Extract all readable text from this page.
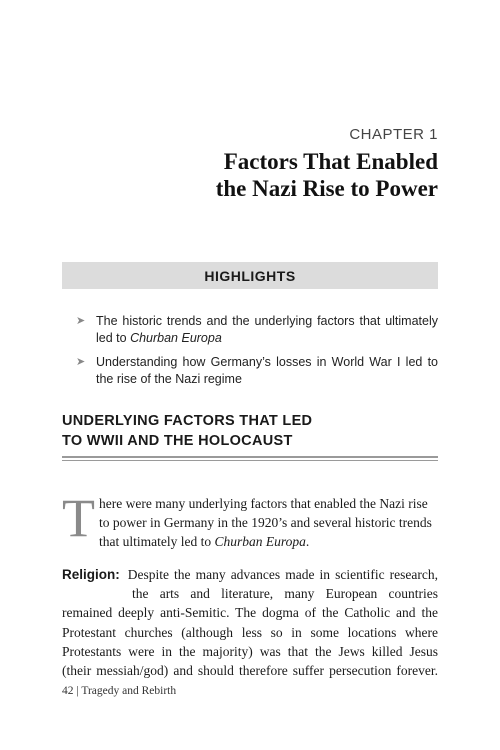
CHAPTER 1
Factors That Enabled
the Nazi Rise to Power
HIGHLIGHTS
➤ The historic trends and the underlying factors that ultimately led to Churban Europa
➤ Understanding how Germany’s losses in World War I led to the rise of the Nazi regime
UNDERLYING FACTORS THAT LED
TO WWII AND THE HOLOCAUST
T here were many underlying factors that enabled the Nazi rise
to power in Germany in the 1920’s and several historic trends
that ultimately led to Churban Europa.
Religion: Despite the many advances made in scientific research,
the arts and literature, many European countries
remained deeply anti-Semitic. The dogma of the Catholic and the
Protestant churches (although less so in some locations where
Protestants were in the majority) was that the Jews killed Jesus
(their messiah/god) and should therefore suffer persecution forever.
42 | Tragedy and Rebirth
